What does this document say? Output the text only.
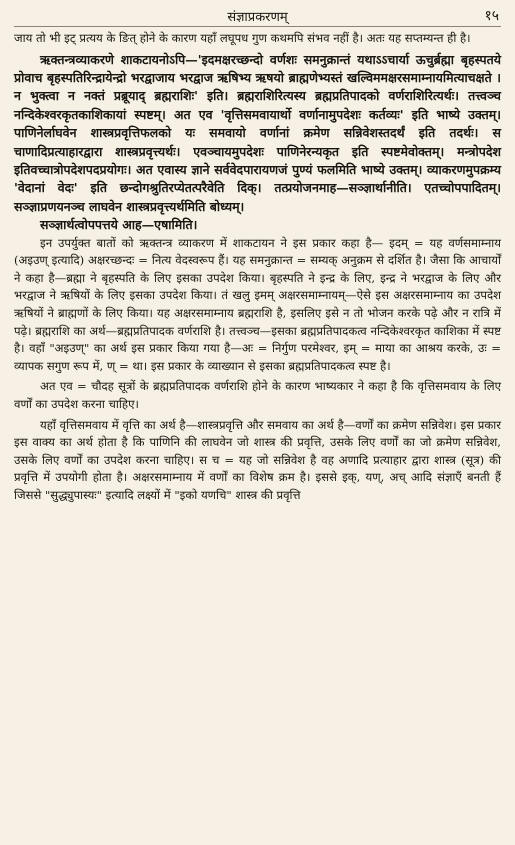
संज्ञाप्रकरणम्	१५

जाय तो भी इट् प्रत्यय के ङित् होने के कारण यहाँ लघूपध गुण कथमपि संभव नहीं है। अतः यह सप्तम्यन्त ही है।

ऋक्तन्त्रव्याकरणे शाकटायनोऽपि—'इदमक्षरच्छन्दो वर्णशः समनुक्रान्तं यथाऽऽचार्या ऊचुर्ब्रह्मा बृहस्पतये प्रोवाच बृहस्पतिरिन्द्रायेन्द्रो भरद्वाजाय भरद्वाज ऋषिभ्य ऋषयो ब्राह्मणेभ्यस्तं खल्विममक्षरसमाम्नायमित्याचक्षते । न भुक्त्वा न नक्तं प्रब्रूयाद् ब्रह्मराशिः' इति। ब्रह्मराशिरित्यस्य ब्रह्मप्रतिपादको वर्णराशिरित्यर्थः। तत्त्वञ्च नन्दिकेश्वरकृतकाशिकायां स्पष्टम्। अत एव 'वृत्तिसमवायार्थो वर्णानामुपदेशः कर्तव्यः' इति भाष्ये उक्तम्। पाणिनेर्लाघवेन शास्त्रप्रवृत्तिफलको यः समवायो वर्णानां क्रमेण सन्निवेशस्तदर्थं इति तदर्थः। स चाणादिप्रत्याहारद्वारा शास्त्रप्रवृत्त्यर्थः। एवञ्चायमुपदेशः पाणिनेरन्यकृत इति स्पष्टमेवोक्तम्। मन्त्रोपदेश इतिवच्चात्रोपदेशपदप्रयोगः। अत एवास्य ज्ञाने सर्ववेदपारायणजं पुण्यं फलमिति भाष्ये उक्तम्। व्याकरणमुपक्रम्य 'वेदानां वेदः' इति छन्दोगश्रुतिरप्येतत्परैवेति दिक्। तत्प्रयोजनमाह—सञ्ज्ञार्थानीति। एतच्चोपपादितम्। सञ्ज्ञाप्रणयनञ्च लाघवेन शास्त्रप्रवृत्त्यर्थमिति बोध्यम्।

सञ्ज्ञार्थत्वोपपत्तये आह—एषामिति।

इन उपर्युक्त बातों को ऋक्तन्त्र व्याकरण में शाकटायन ने इस प्रकार कहा है— इदम् = यह वर्णसमाम्नाय (अइउण् इत्यादि) अक्षरच्छन्दः = नित्य वेदस्वरूप हैं। यह समनुक्रान्त = सम्यक् अनुक्रम से दर्शित है। जैसा कि आचार्यों ने कहा है—ब्रह्मा ने बृहस्पति के लिए इसका उपदेश किया। बृहस्पति ने इन्द्र के लिए, इन्द्र ने भरद्वाज के लिए और भरद्वाज ने ऋषियों के लिए इसका उपदेश किया। तं खलु इमम् अक्षरसमाम्नायम्—ऐसे इस अक्षरसमाम्नाय का उपदेश ऋषियों ने ब्राह्मणों के लिए किया। यह अक्षरसमाम्नाय ब्रह्मराशि है, इसलिए इसे न तो भोजन करके पढ़े और न रात्रि में पढ़े। ब्रह्मराशि का अर्थ—ब्रह्मप्रतिपादक वर्णराशि है। तत्त्वञ्च—इसका ब्रह्मप्रतिपादकत्व नन्दिकेश्वरकृत काशिका में स्पष्ट है। वहाँ "अइउण्" का अर्थ इस प्रकार किया गया है—अः = निर्गुण परमेश्वर, इम् = माया का आश्रय करके, उः = व्यापक सगुण रूप में, ण् = था। इस प्रकार के व्याख्यान से इसका ब्रह्मप्रतिपादकत्व स्पष्ट है।

अत एव = चौदह सूत्रों के ब्रह्मप्रतिपादक वर्णराशि होने के कारण भाष्यकार ने कहा है कि वृत्तिसमवाय के लिए वर्णों का उपदेश करना चाहिए।

यहाँ वृत्तिसमवाय में वृत्ति का अर्थ है—शास्त्रप्रवृत्ति और समवाय का अर्थ है—वर्णों का क्रमेण सन्निवेश। इस प्रकार इस वाक्य का अर्थ होता है कि पाणिनि की लाघवेन जो शास्त्र की प्रवृत्ति, उसके लिए वर्णों का जो क्रमेण सन्निवेश, उसके लिए वर्णों का उपदेश करना चाहिए। स च = यह जो सन्निवेश है वह अणादि प्रत्याहार द्वारा शास्त्र (सूत्र) की प्रवृत्ति में उपयोगी होता है। अक्षरसमाम्नाय में वर्णों का विशेष क्रम है। इससे इक्, यण्, अच् आदि संज्ञाएँ बनती हैं जिससे "सुद्ध्युपास्यः" इत्यादि लक्ष्यों में "इको यणचि" शास्त्र की प्रवृत्ति
